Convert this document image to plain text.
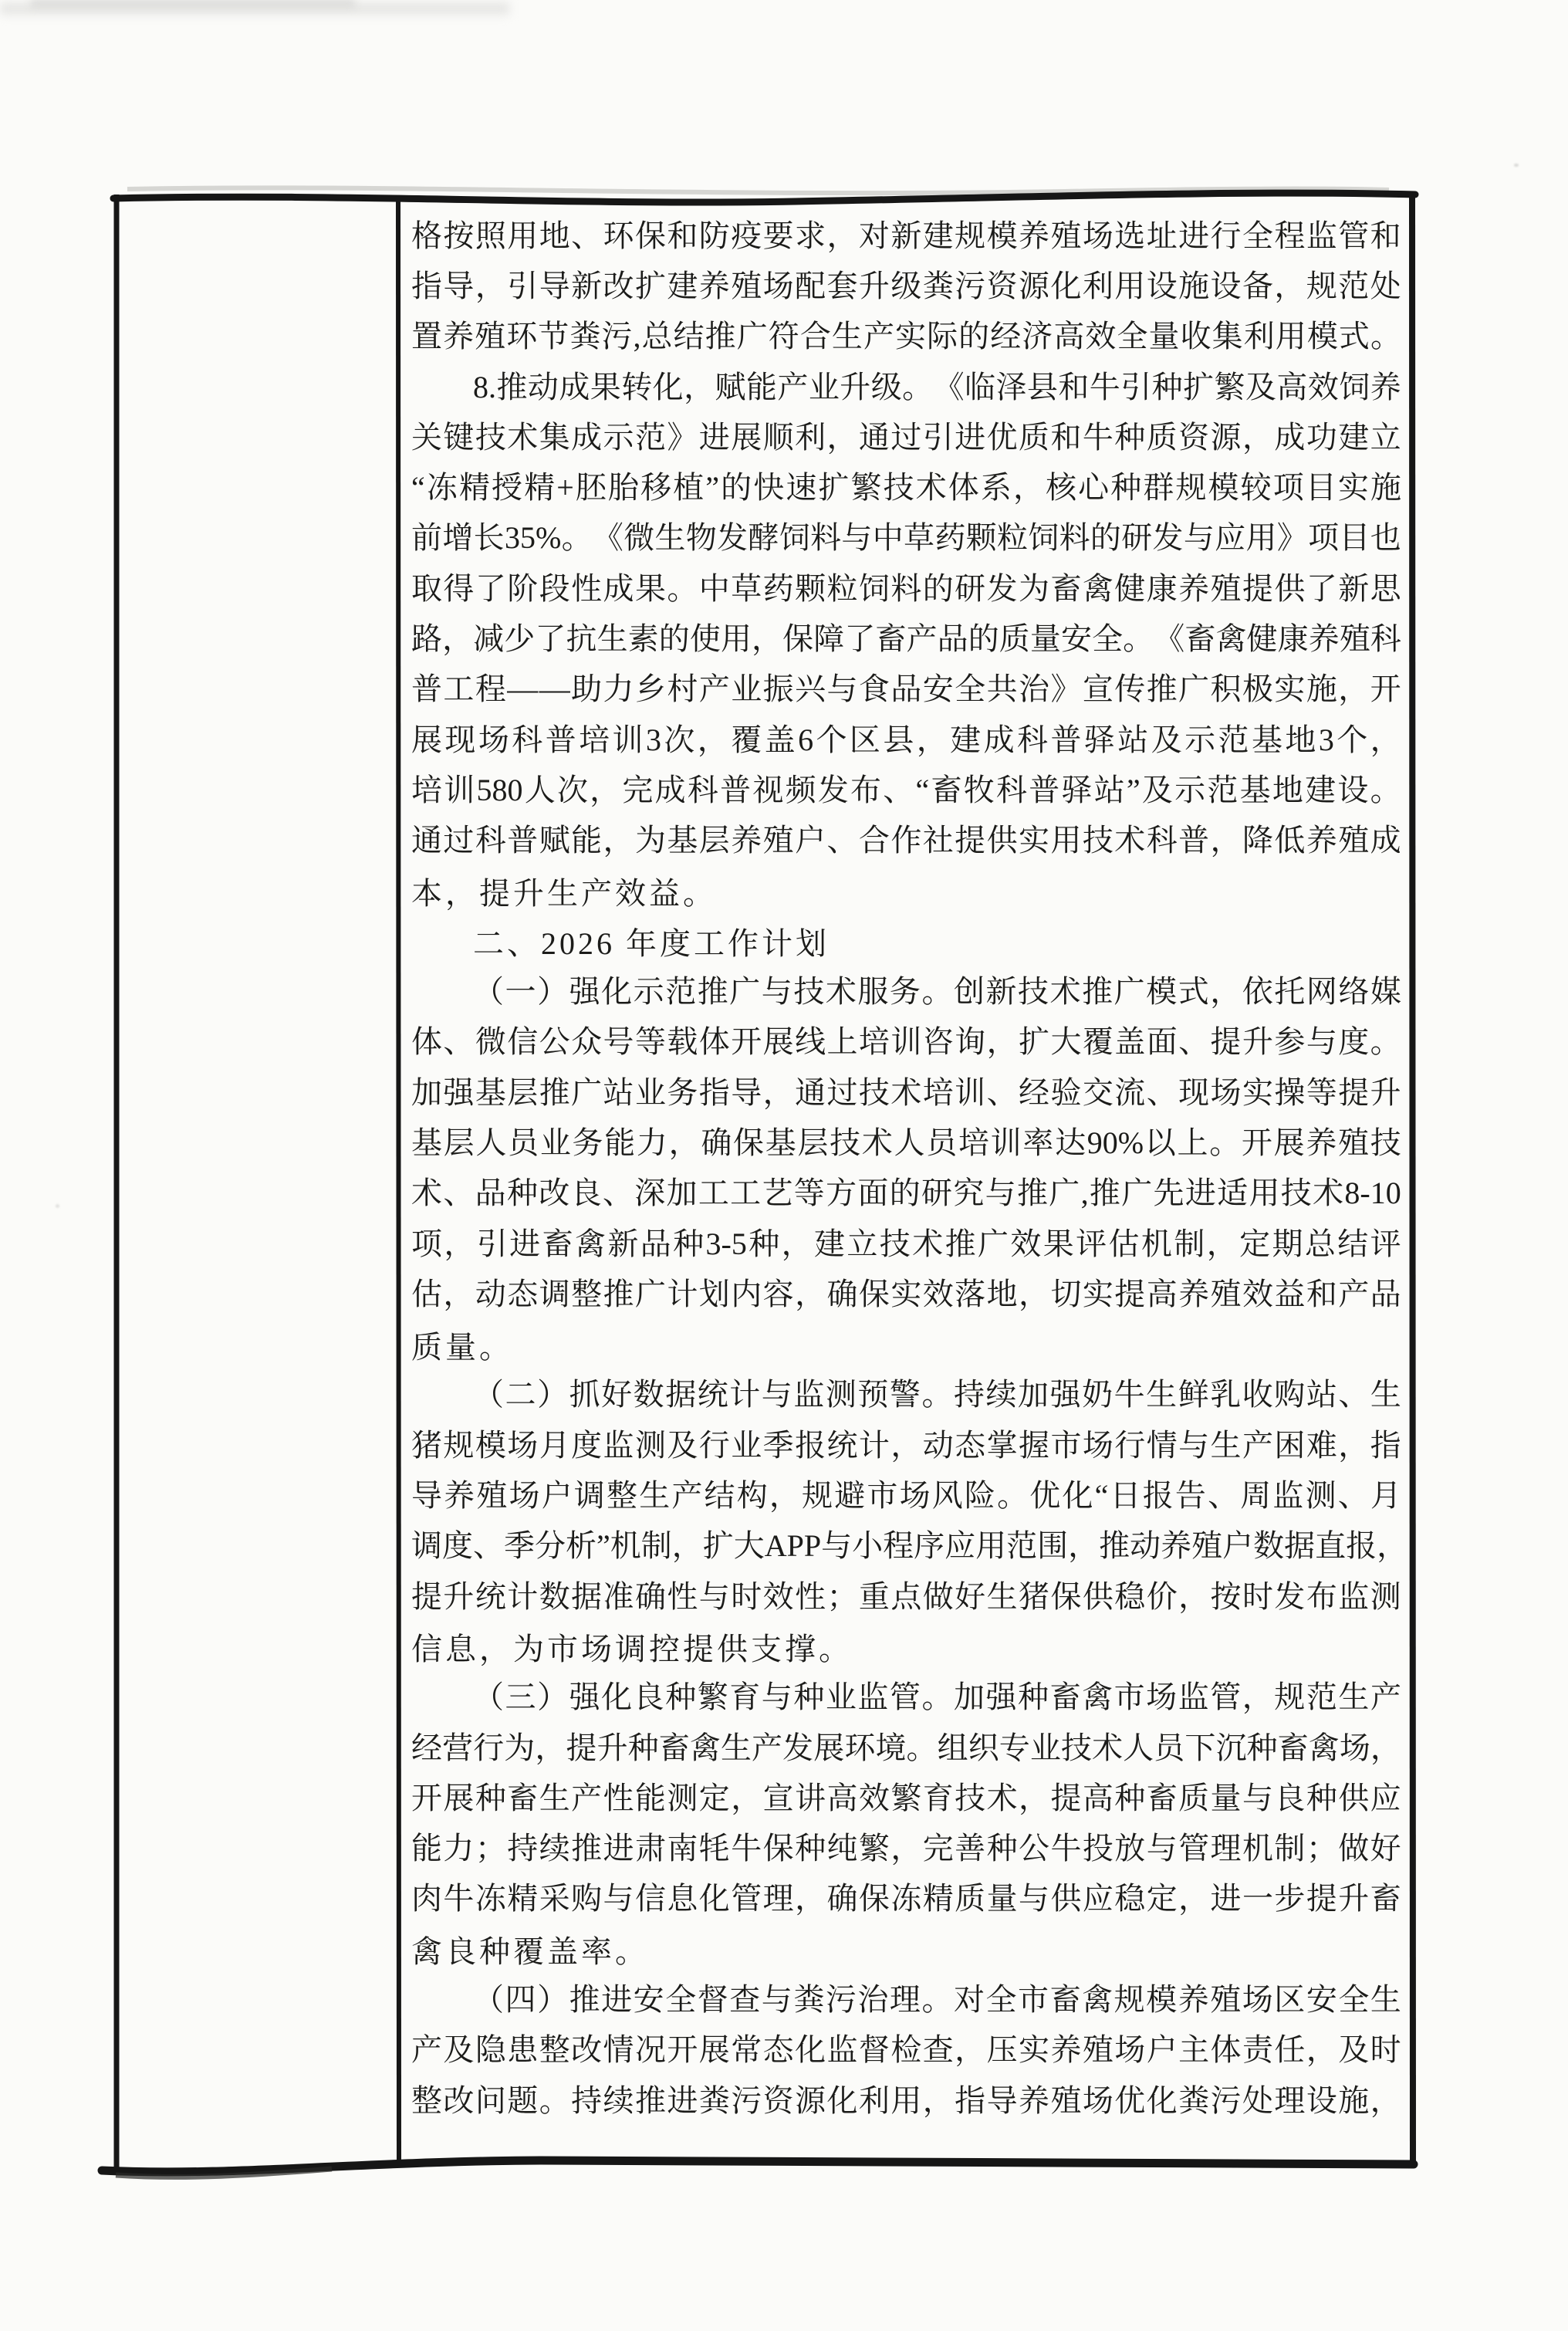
格 按 照 用 地 、 环 保 和 防 疫 要 求 ， 对 新 建 规 模 养 殖 场 选 址 进 行 全 程 监 管 和
指 导 ， 引 导 新 改 扩 建 养 殖 场 配 套 升 级 粪 污 资 源 化 利 用 设 施 设 备 ， 规 范 处
置 养 殖 环 节 粪 污 , 总 结 推 广 符 合 生 产 实 际 的 经 济 高 效 全 量 收 集 利 用 模 式 。
8. 推 动 成 果 转 化 ， 赋 能 产 业 升 级 。 《 临 泽 县 和 牛 引 种 扩 繁 及 高 效 饲 养
关 键 技 术 集 成 示 范 》 进 展 顺 利 ， 通 过 引 进 优 质 和 牛 种 质 资 源 ， 成 功 建 立
“ 冻 精 授 精 + 胚 胎 移 植 ” 的 快 速 扩 繁 技 术 体 系 ， 核 心 种 群 规 模 较 项 目 实 施
前 增 长 35% 。 《 微 生 物 发 酵 饲 料 与 中 草 药 颗 粒 饲 料 的 研 发 与 应 用 》 项 目 也
取 得 了 阶 段 性 成 果 。 中 草 药 颗 粒 饲 料 的 研 发 为 畜 禽 健 康 养 殖 提 供 了 新 思
路 ， 减 少 了 抗 生 素 的 使 用 ， 保 障 了 畜 产 品 的 质 量 安 全 。 《 畜 禽 健 康 养 殖 科
普 工 程 — — 助 力 乡 村 产 业 振 兴 与 食 品 安 全 共 治 》 宣 传 推 广 积 极 实 施 ， 开
展 现 场 科 普 培 训 3 次 ， 覆 盖 6 个 区 县 ， 建 成 科 普 驿 站 及 示 范 基 地 3 个 ，
培 训 580 人 次 ， 完 成 科 普 视 频 发 布 、 “ 畜 牧 科 普 驿 站 ” 及 示 范 基 地 建 设 。
通 过 科 普 赋 能 ， 为 基 层 养 殖 户 、 合 作 社 提 供 实 用 技 术 科 普 ， 降 低 养 殖 成
本，提升生产效益。
二、2026 年度工作计划
（ 一 ） 强 化 示 范 推 广 与 技 术 服 务 。 创 新 技 术 推 广 模 式 ， 依 托 网 络 媒
体 、 微 信 公 众 号 等 载 体 开 展 线 上 培 训 咨 询 ， 扩 大 覆 盖 面 、 提 升 参 与 度 。
加 强 基 层 推 广 站 业 务 指 导 ， 通 过 技 术 培 训 、 经 验 交 流 、 现 场 实 操 等 提 升
基 层 人 员 业 务 能 力 ， 确 保 基 层 技 术 人 员 培 训 率 达 90% 以 上 。 开 展 养 殖 技
术 、 品 种 改 良 、 深 加 工 工 艺 等 方 面 的 研 究 与 推 广 , 推 广 先 进 适 用 技 术 8-10
项 ， 引 进 畜 禽 新 品 种 3-5 种 ， 建 立 技 术 推 广 效 果 评 估 机 制 ， 定 期 总 结 评
估 ， 动 态 调 整 推 广 计 划 内 容 ， 确 保 实 效 落 地 ， 切 实 提 高 养 殖 效 益 和 产 品
质量。
（ 二 ） 抓 好 数 据 统 计 与 监 测 预 警 。 持 续 加 强 奶 牛 生 鲜 乳 收 购 站 、 生
猪 规 模 场 月 度 监 测 及 行 业 季 报 统 计 ， 动 态 掌 握 市 场 行 情 与 生 产 困 难 ， 指
导 养 殖 场 户 调 整 生 产 结 构 ， 规 避 市 场 风 险 。 优 化 “ 日 报 告 、 周 监 测 、 月
调 度 、 季 分 析 ” 机 制 ， 扩 大 APP 与 小 程 序 应 用 范 围 ， 推 动 养 殖 户 数 据 直 报 ，
提 升 统 计 数 据 准 确 性 与 时 效 性 ； 重 点 做 好 生 猪 保 供 稳 价 ， 按 时 发 布 监 测
信息，为市场调控提供支撑。
（ 三 ） 强 化 良 种 繁 育 与 种 业 监 管 。 加 强 种 畜 禽 市 场 监 管 ， 规 范 生 产
经 营 行 为 ， 提 升 种 畜 禽 生 产 发 展 环 境 。 组 织 专 业 技 术 人 员 下 沉 种 畜 禽 场 ，
开 展 种 畜 生 产 性 能 测 定 ， 宣 讲 高 效 繁 育 技 术 ， 提 高 种 畜 质 量 与 良 种 供 应
能 力 ； 持 续 推 进 肃 南 牦 牛 保 种 纯 繁 ， 完 善 种 公 牛 投 放 与 管 理 机 制 ； 做 好
肉 牛 冻 精 采 购 与 信 息 化 管 理 ， 确 保 冻 精 质 量 与 供 应 稳 定 ， 进 一 步 提 升 畜
禽良种覆盖率。
（ 四 ） 推 进 安 全 督 查 与 粪 污 治 理 。 对 全 市 畜 禽 规 模 养 殖 场 区 安 全 生
产 及 隐 患 整 改 情 况 开 展 常 态 化 监 督 检 查 ， 压 实 养 殖 场 户 主 体 责 任 ， 及 时
整 改 问 题 。 持 续 推 进 粪 污 资 源 化 利 用 ， 指 导 养 殖 场 优 化 粪 污 处 理 设 施 ，
